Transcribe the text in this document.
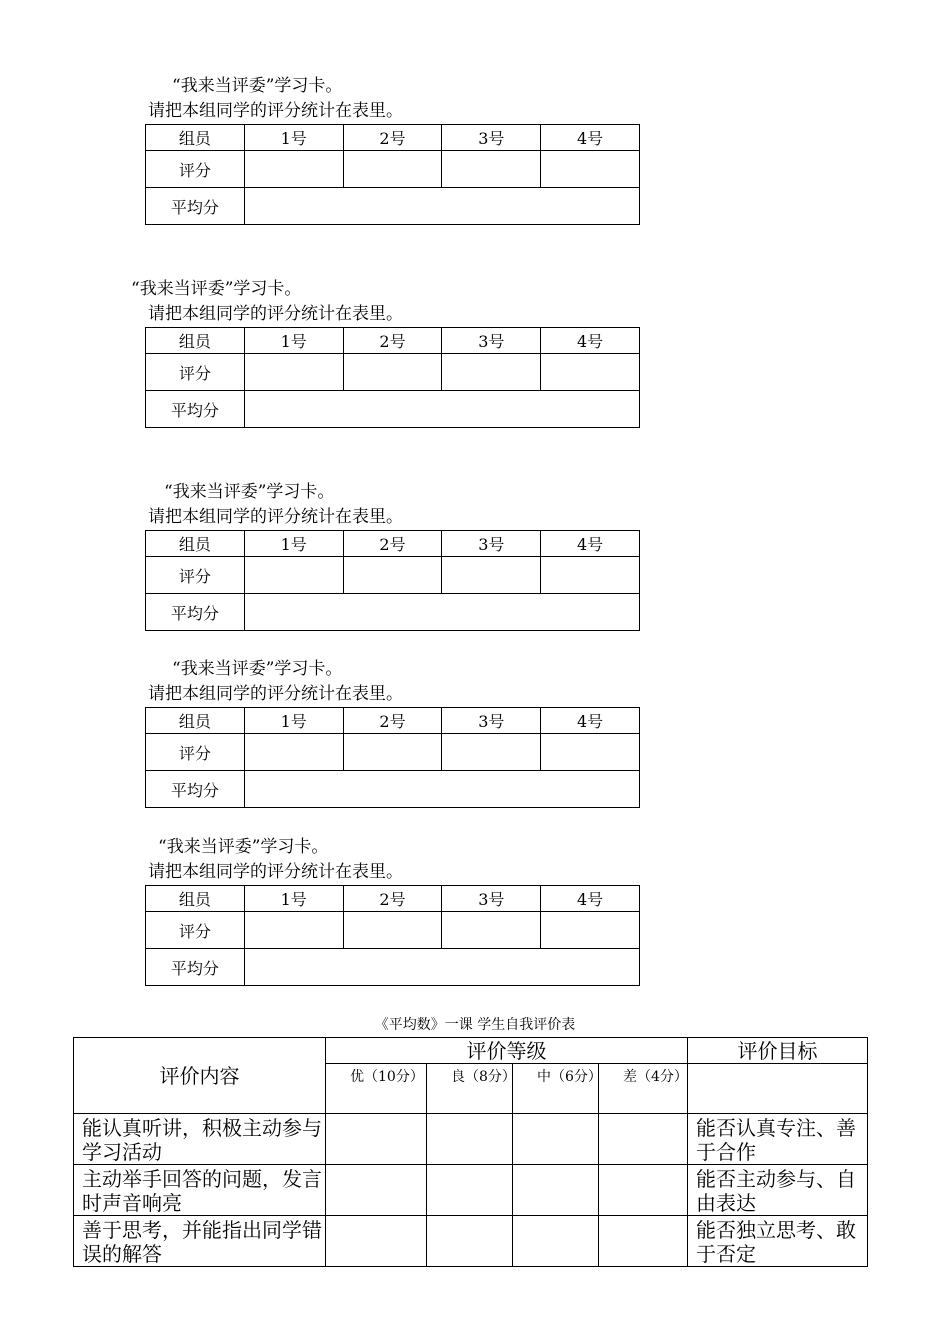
“我来当评委”学习卡。
请把本组同学的评分统计在表里。
组员	1号	2号	3号	4号
评分				
平均分				
“我来当评委”学习卡。
请把本组同学的评分统计在表里。
组员	1号	2号	3号	4号
评分				
平均分				
“我来当评委”学习卡。
请把本组同学的评分统计在表里。
组员	1号	2号	3号	4号
评分				
平均分				
“我来当评委”学习卡。
请把本组同学的评分统计在表里。
组员	1号	2号	3号	4号
评分				
平均分				
“我来当评委”学习卡。
请把本组同学的评分统计在表里。
组员	1号	2号	3号	4号
评分				
平均分				
《平均数》一课 学生自我评价表
评价内容	评价等级				评价目标
	优（10分）	良（8分）	中（6分）	差（4分）	
能认真听讲，积极主动参与学习活动					能否认真专注、善于合作
主动举手回答的问题，发言时声音响亮					能否主动参与、自由表达
善于思考，并能指出同学错误的解答					能否独立思考、敢于否定
